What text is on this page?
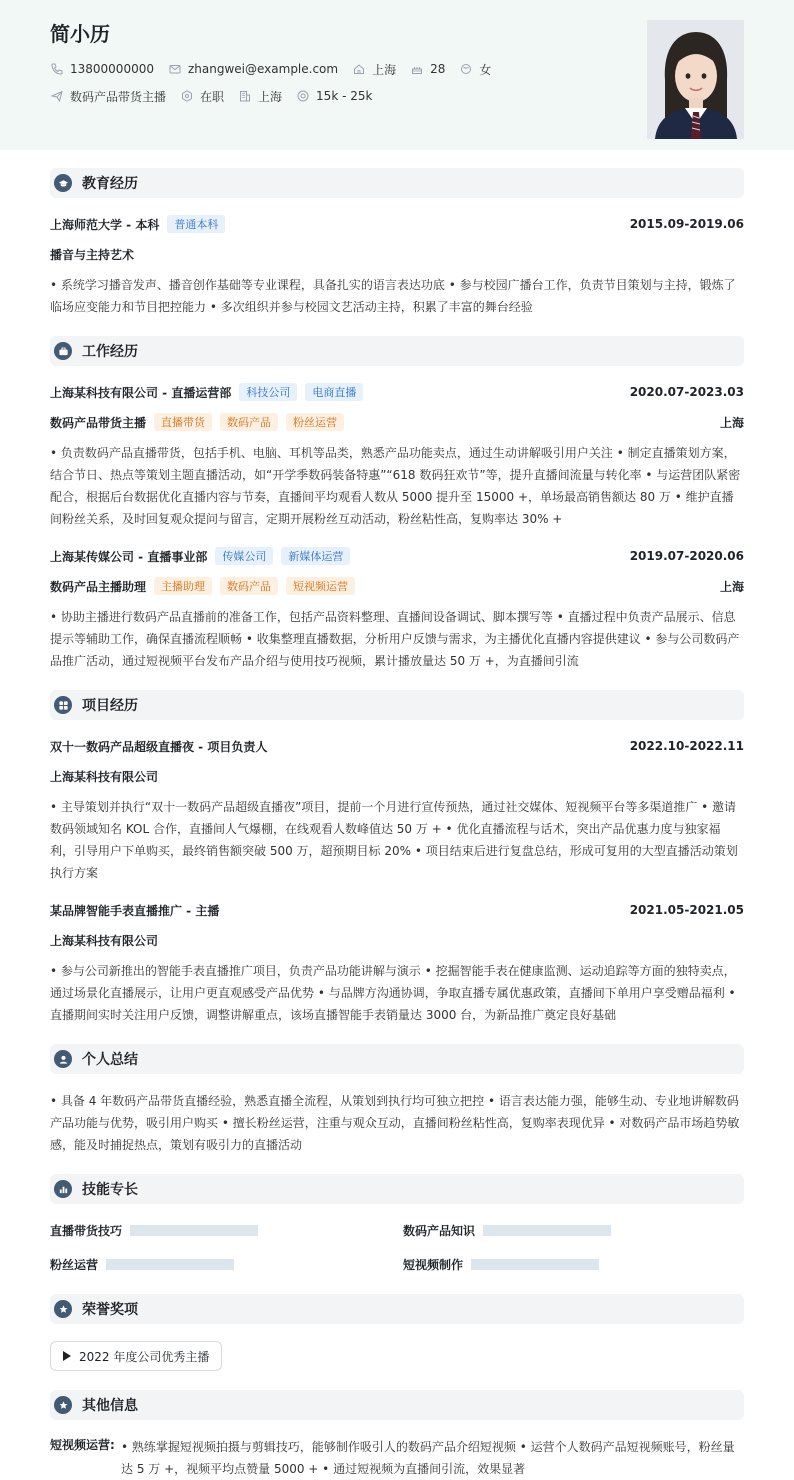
简小历
13800000000	zhangwei@example.com	上海	28	女
数码产品带货主播	在职	上海	15k - 25k
教育经历
上海师范大学 - 本科	普通本科	2015.09-2019.06
播音与主持艺术
• 系统学习播音发声、播音创作基础等专业课程，具备扎实的语言表达功底 • 参与校园广播台工作，负责节目策划与主持，锻炼了临场应变能力和节目把控能力 • 多次组织并参与校园文艺活动主持，积累了丰富的舞台经验
工作经历
上海某科技有限公司 - 直播运营部	科技公司	电商直播	2020.07-2023.03
数码产品带货主播	直播带货	数码产品	粉丝运营	上海
• 负责数码产品直播带货，包括手机、电脑、耳机等品类，熟悉产品功能卖点，通过生动讲解吸引用户关注 • 制定直播策划方案，结合节日、热点等策划主题直播活动，如“开学季数码装备特惠”“618 数码狂欢节”等，提升直播间流量与转化率 • 与运营团队紧密配合，根据后台数据优化直播内容与节奏，直播间平均观看人数从 5000 提升至 15000 +，单场最高销售额达 80 万 • 维护直播间粉丝关系，及时回复观众提问与留言，定期开展粉丝互动活动，粉丝粘性高，复购率达 30% +
上海某传媒公司 - 直播事业部	传媒公司	新媒体运营	2019.07-2020.06
数码产品主播助理	主播助理	数码产品	短视频运营	上海
• 协助主播进行数码产品直播前的准备工作，包括产品资料整理、直播间设备调试、脚本撰写等 • 直播过程中负责产品展示、信息提示等辅助工作，确保直播流程顺畅 • 收集整理直播数据，分析用户反馈与需求，为主播优化直播内容提供建议 • 参与公司数码产品推广活动，通过短视频平台发布产品介绍与使用技巧视频，累计播放量达 50 万 +，为直播间引流
项目经历
双十一数码产品超级直播夜 - 项目负责人	2022.10-2022.11
上海某科技有限公司
• 主导策划并执行“双十一数码产品超级直播夜”项目，提前一个月进行宣传预热，通过社交媒体、短视频平台等多渠道推广 • 邀请数码领域知名 KOL 合作，直播间人气爆棚，在线观看人数峰值达 50 万 + • 优化直播流程与话术，突出产品优惠力度与独家福利，引导用户下单购买，最终销售额突破 500 万，超预期目标 20% • 项目结束后进行复盘总结，形成可复用的大型直播活动策划执行方案
某品牌智能手表直播推广 - 主播	2021.05-2021.05
上海某科技有限公司
• 参与公司新推出的智能手表直播推广项目，负责产品功能讲解与演示 • 挖掘智能手表在健康监测、运动追踪等方面的独特卖点，通过场景化直播展示，让用户更直观感受产品优势 • 与品牌方沟通协调，争取直播专属优惠政策，直播间下单用户享受赠品福利 • 直播期间实时关注用户反馈，调整讲解重点，该场直播智能手表销量达 3000 台，为新品推广奠定良好基础
个人总结
• 具备 4 年数码产品带货直播经验，熟悉直播全流程，从策划到执行均可独立把控 • 语言表达能力强，能够生动、专业地讲解数码产品功能与优势，吸引用户购买 • 擅长粉丝运营，注重与观众互动，直播间粉丝粘性高，复购率表现优异 • 对数码产品市场趋势敏感，能及时捕捉热点，策划有吸引力的直播活动
技能专长
直播带货技巧	数码产品知识
粉丝运营	短视频制作
荣誉奖项
2022 年度公司优秀主播
其他信息
短视频运营: • 熟练掌握短视频拍摄与剪辑技巧，能够制作吸引人的数码产品介绍短视频 • 运营个人数码产品短视频账号，粉丝量达 5 万 +，视频平均点赞量 5000 + • 通过短视频为直播间引流，效果显著
